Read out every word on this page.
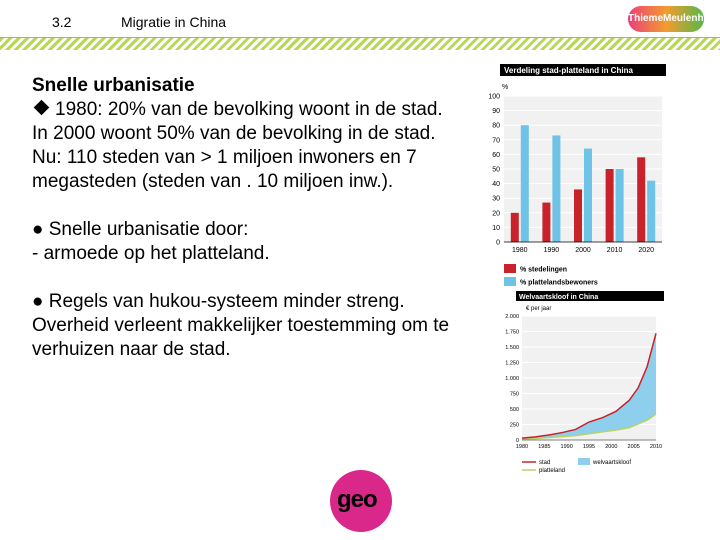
3.2	Migratie in China	ThiemeMeulenhoff

Snelle urbanisatie

1980: 20% van de bevolking woont in de stad.

In 2000 woont 50% van de bevolking in de stad.

Nu: 110 steden van > 1 miljoen inwoners en 7 megasteden (steden van . 10 miljoen inw.).

● Snelle urbanisatie door:

- armoede op het platteland.

● Regels van hukou-systeem minder streng. Overheid verleent makkelijker toestemming om te verhuizen naar de stad.

Verdeling stad-platteland in China
%
0
10
20
30
40
50
60
70
80
90
100
1980 1990 2000 2010 2020
% stedelingen
% plattelandsbewoners
Welvaartskloof in China
€ per jaar
0
250
500
750
1.000
1.250
1.500
1.750
2.000
1980 1985 1990 1995 2000 2005 2010
stad
platteland
welvaartskloof
geo
